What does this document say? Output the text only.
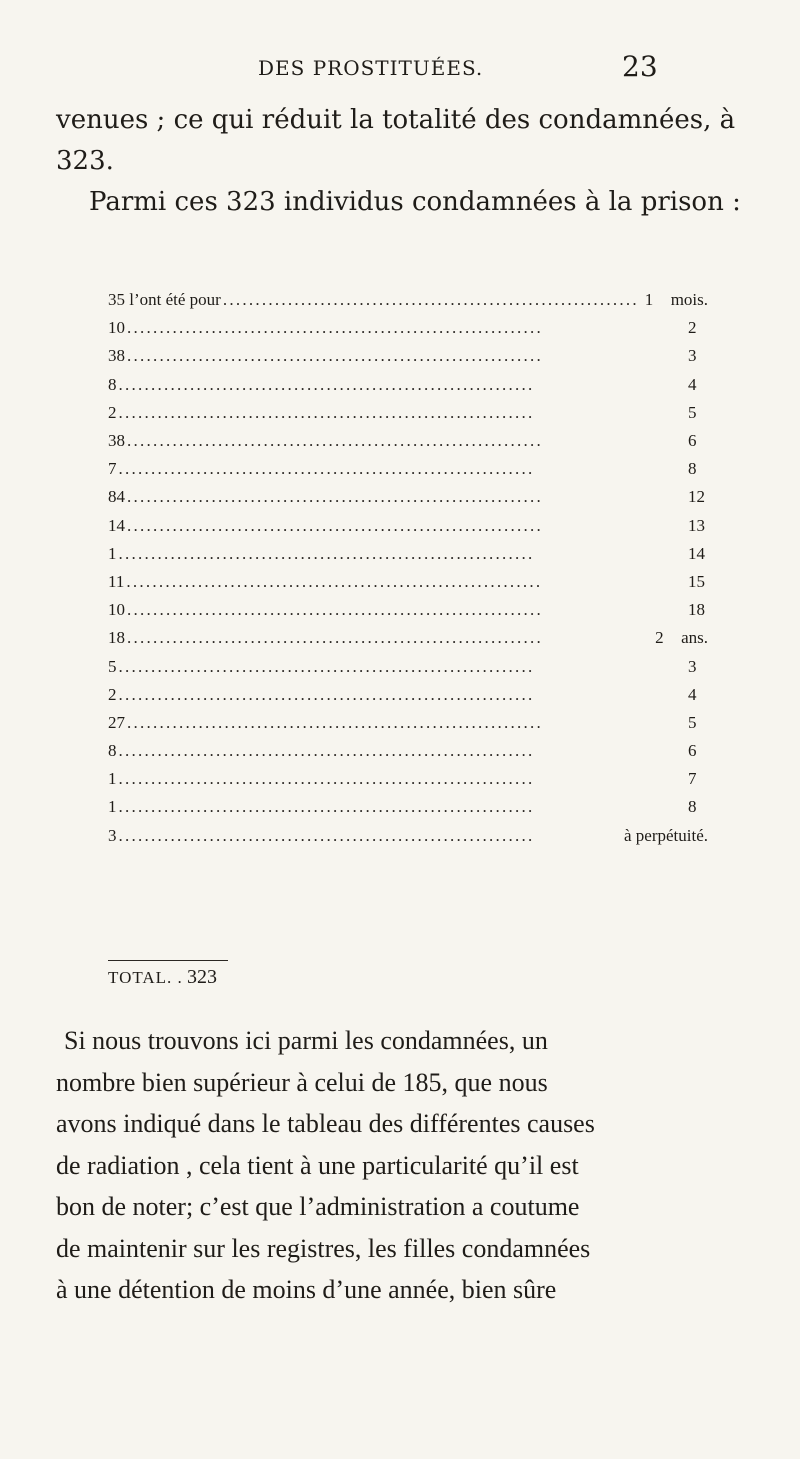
DES PROSTITUÉES.	23
venues ; ce qui réduit la totalité des condamnées, à
323.
Parmi ces 323 individus condamnées à la prison :
35 l’ont été pour . . .	1	mois.
10 . . .	2
38 . . .	3
8 . . .	4
2 . . .	5
38 . . .	6
7 . . .	8
84 . . .	12
14 . . .	13
1 . . .	14
11 . . .	15
10 . . .	18
18 . . .	2	ans.
5 . . .	3
2 . . .	4
27 . . .	5
8 . . .	6
1 . . .	7
1 . . .	8
3 . . .	à perpétuité.
TOTAL. . 323
Si nous trouvons ici parmi les condamnées, un
nombre bien supérieur à celui de 185, que nous
avons indiqué dans le tableau des différentes causes
de radiation , cela tient à une particularité qu’il est
bon de noter; c’est que l’administration a coutume
de maintenir sur les registres, les filles condamnées
à une détention de moins d’une année, bien sûre
